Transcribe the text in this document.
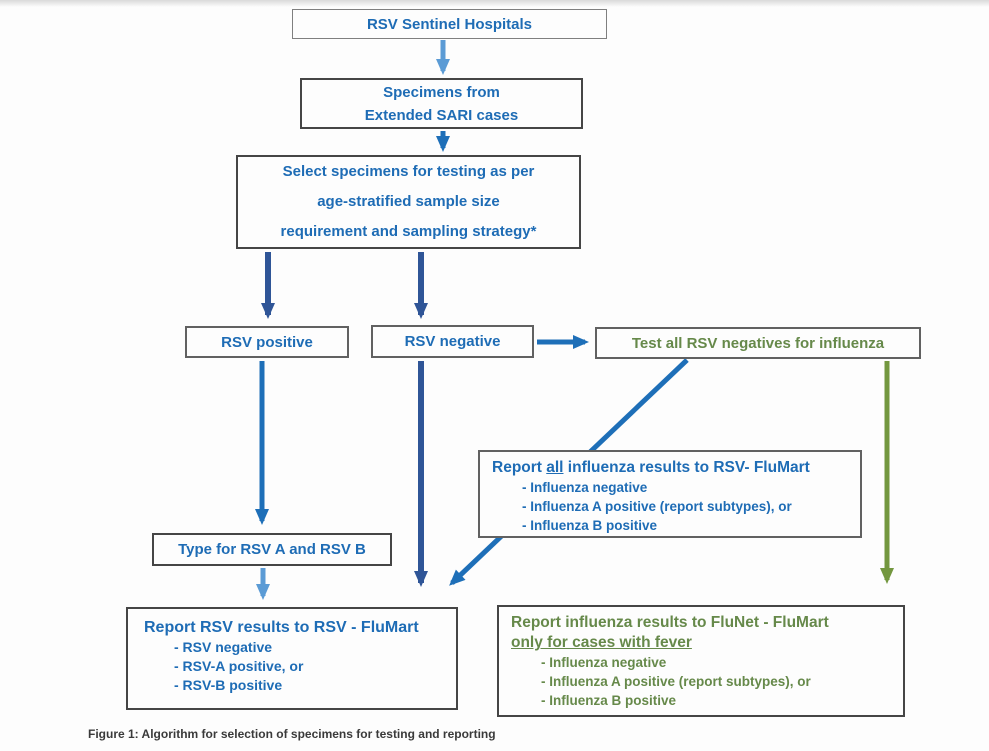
RSV Sentinel Hospitals
Specimens from
Extended SARI cases
Select specimens for testing as per
age-stratified sample size
requirement and sampling strategy*
RSV positive	RSV negative	Test all RSV negatives for influenza
Report all influenza results to RSV- FluMart
- Influenza negative
- Influenza A positive (report subtypes), or
- Influenza B positive
Type for RSV A and RSV B
Report RSV results to RSV - FluMart
- RSV negative
- RSV-A positive, or
- RSV-B positive
Report influenza results to FluNet - FluMart
only for cases with fever
- Influenza negative
- Influenza A positive (report subtypes), or
- Influenza B positive
Figure 1: Algorithm for selection of specimens for testing and reporting
